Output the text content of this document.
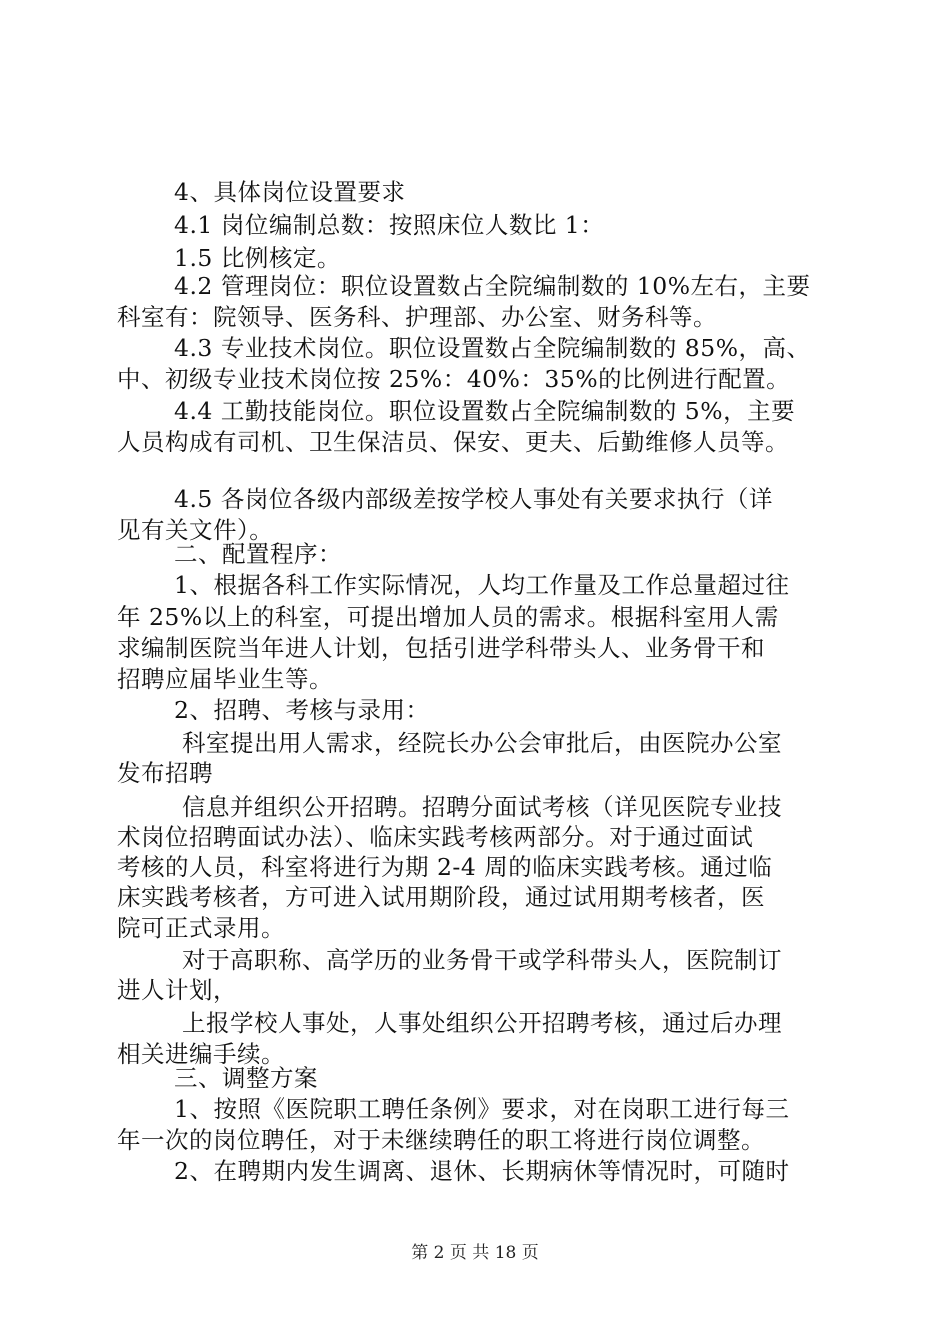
4、具体岗位设置要求
4.1 岗位编制总数：按照床位人数比 1：
1.5 比例核定。
4.2 管理岗位：职位设置数占全院编制数的 10%左右，主要
科室有：院领导、医务科、护理部、办公室、财务科等。
4.3 专业技术岗位。职位设置数占全院编制数的 85%，高、
中、初级专业技术岗位按 25%：40%：35%的比例进行配置。
4.4 工勤技能岗位。职位设置数占全院编制数的 5%，主要
人员构成有司机、卫生保洁员、保安、更夫、后勤维修人员等。
4.5 各岗位各级内部级差按学校人事处有关要求执行（详
见有关文件）。
二、配置程序：
1、根据各科工作实际情况，人均工作量及工作总量超过往
年 25%以上的科室，可提出增加人员的需求。根据科室用人需
求编制医院当年进人计划，包括引进学科带头人、业务骨干和
招聘应届毕业生等。
2、招聘、考核与录用：
科室提出用人需求，经院长办公会审批后，由医院办公室
发布招聘
信息并组织公开招聘。招聘分面试考核（详见医院专业技
术岗位招聘面试办法）、临床实践考核两部分。对于通过面试
考核的人员，科室将进行为期 2-4 周的临床实践考核。通过临
床实践考核者，方可进入试用期阶段，通过试用期考核者，医
院可正式录用。
对于高职称、高学历的业务骨干或学科带头人，医院制订
进人计划，
上报学校人事处，人事处组织公开招聘考核，通过后办理
相关进编手续。
三、调整方案
1、按照《医院职工聘任条例》要求，对在岗职工进行每三
年一次的岗位聘任，对于未继续聘任的职工将进行岗位调整。
2、在聘期内发生调离、退休、长期病休等情况时，可随时
第 2 页 共 18 页
